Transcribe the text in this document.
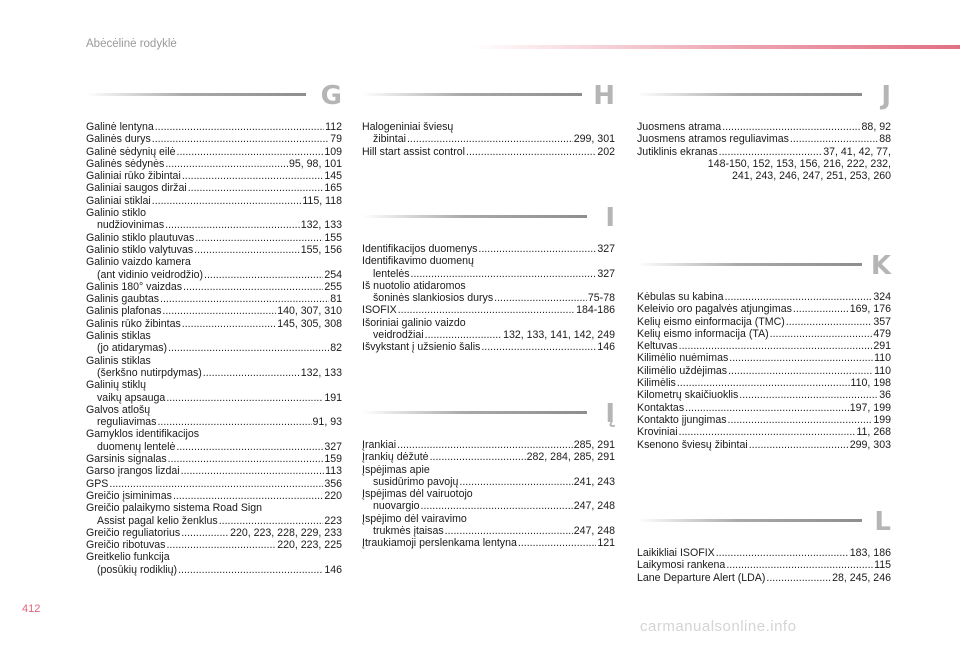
Abėcėlinė rodyklė
G
Galinė lentyna .....	112
Galinės durys .....	79
Galinė sėdynių eilė .....	109
Galinės sėdynės .....	95, 98, 101
Galiniai rūko žibintai .....	145
Galiniai saugos diržai .....	165
Galiniai stiklai .....	115, 118
Galinio stiklo
nudžiovinimas .....	132, 133
Galinio stiklo plautuvas .....	155
Galinio stiklo valytuvas .....	155, 156
Galinio vaizdo kamera
(ant vidinio veidrodžio) .....	254
Galinis 180° vaizdas .....	255
Galinis gaubtas .....	81
Galinis plafonas .....	140, 307, 310
Galinis rūko žibintas .....	145, 305, 308
Galinis stiklas
(jo atidarymas) .....	82
Galinis stiklas
(šerkšno nutirpdymas) .....	132, 133
Galinių stiklų
vaikų apsauga .....	191
Galvos atlošų
reguliavimas .....	91, 93
Gamyklos identifikacijos
duomenų lentelė .....	327
Garsinis signalas .....	159
Garso įrangos lizdai .....	113
GPS .....	356
Greičio įsiminimas .....	220
Greičio palaikymo sistema Road Sign
Assist pagal kelio ženklus .....	223
Greičio reguliatorius .....	220, 223, 228, 229, 233
Greičio ribotuvas .....	220, 223, 225
Greitkelio funkcija
(posūkių rodiklių) .....	146
H
Halogeniniai šviesų
žibintai .....	299, 301
Hill start assist control .....	202
I
Identifikacijos duomenys .....	327
Identifikavimo duomenų
lentelės .....	327
Iš nuotolio atidaromos
šoninės slankiosios durys .....	75-78
ISOFIX .....	184-186
Išoriniai galinio vaizdo
veidrodžiai .....	132, 133, 141, 142, 249
Išvykstant į užsienio šalis .....	146
Į
Įrankiai .....	285, 291
Įrankių dėžutė .....	282, 284, 285, 291
Įspėjimas apie
susidūrimo pavojų .....	241, 243
Įspėjimas dėl vairuotojo
nuovargio .....	247, 248
Įspėjimo dėl vairavimo
trukmės įtaisas .....	247, 248
Įtraukiamoji perslenkama lentyna .....	121
J
Juosmens atrama .....	88, 92
Juosmens atramos reguliavimas .....	88
Jutiklinis ekranas .....	37, 41, 42, 77,
148-150, 152, 153, 156, 216, 222, 232,
241, 243, 246, 247, 251, 253, 260
K
Kėbulas su kabina .....	324
Keleivio oro pagalvės atjungimas .....	169, 176
Kelių eismo einformacija (TMC) .....	357
Kelių eismo informacija (TA) .....	479
Keltuvas .....	291
Kilimėlio nuėmimas .....	110
Kilimėlio uždėjimas .....	110
Kilimėlis .....	110, 198
Kilometrų skaičiuoklis .....	36
Kontaktas .....	197, 199
Kontakto įjungimas .....	199
Kroviniai .....	11, 268
Ksenono šviesų žibintai .....	299, 303
L
Laikikliai ISOFIX .....	183, 186
Laikymosi rankena .....	115
Lane Departure Alert (LDA) .....	28, 245, 246
412
carmanualsonline.info
